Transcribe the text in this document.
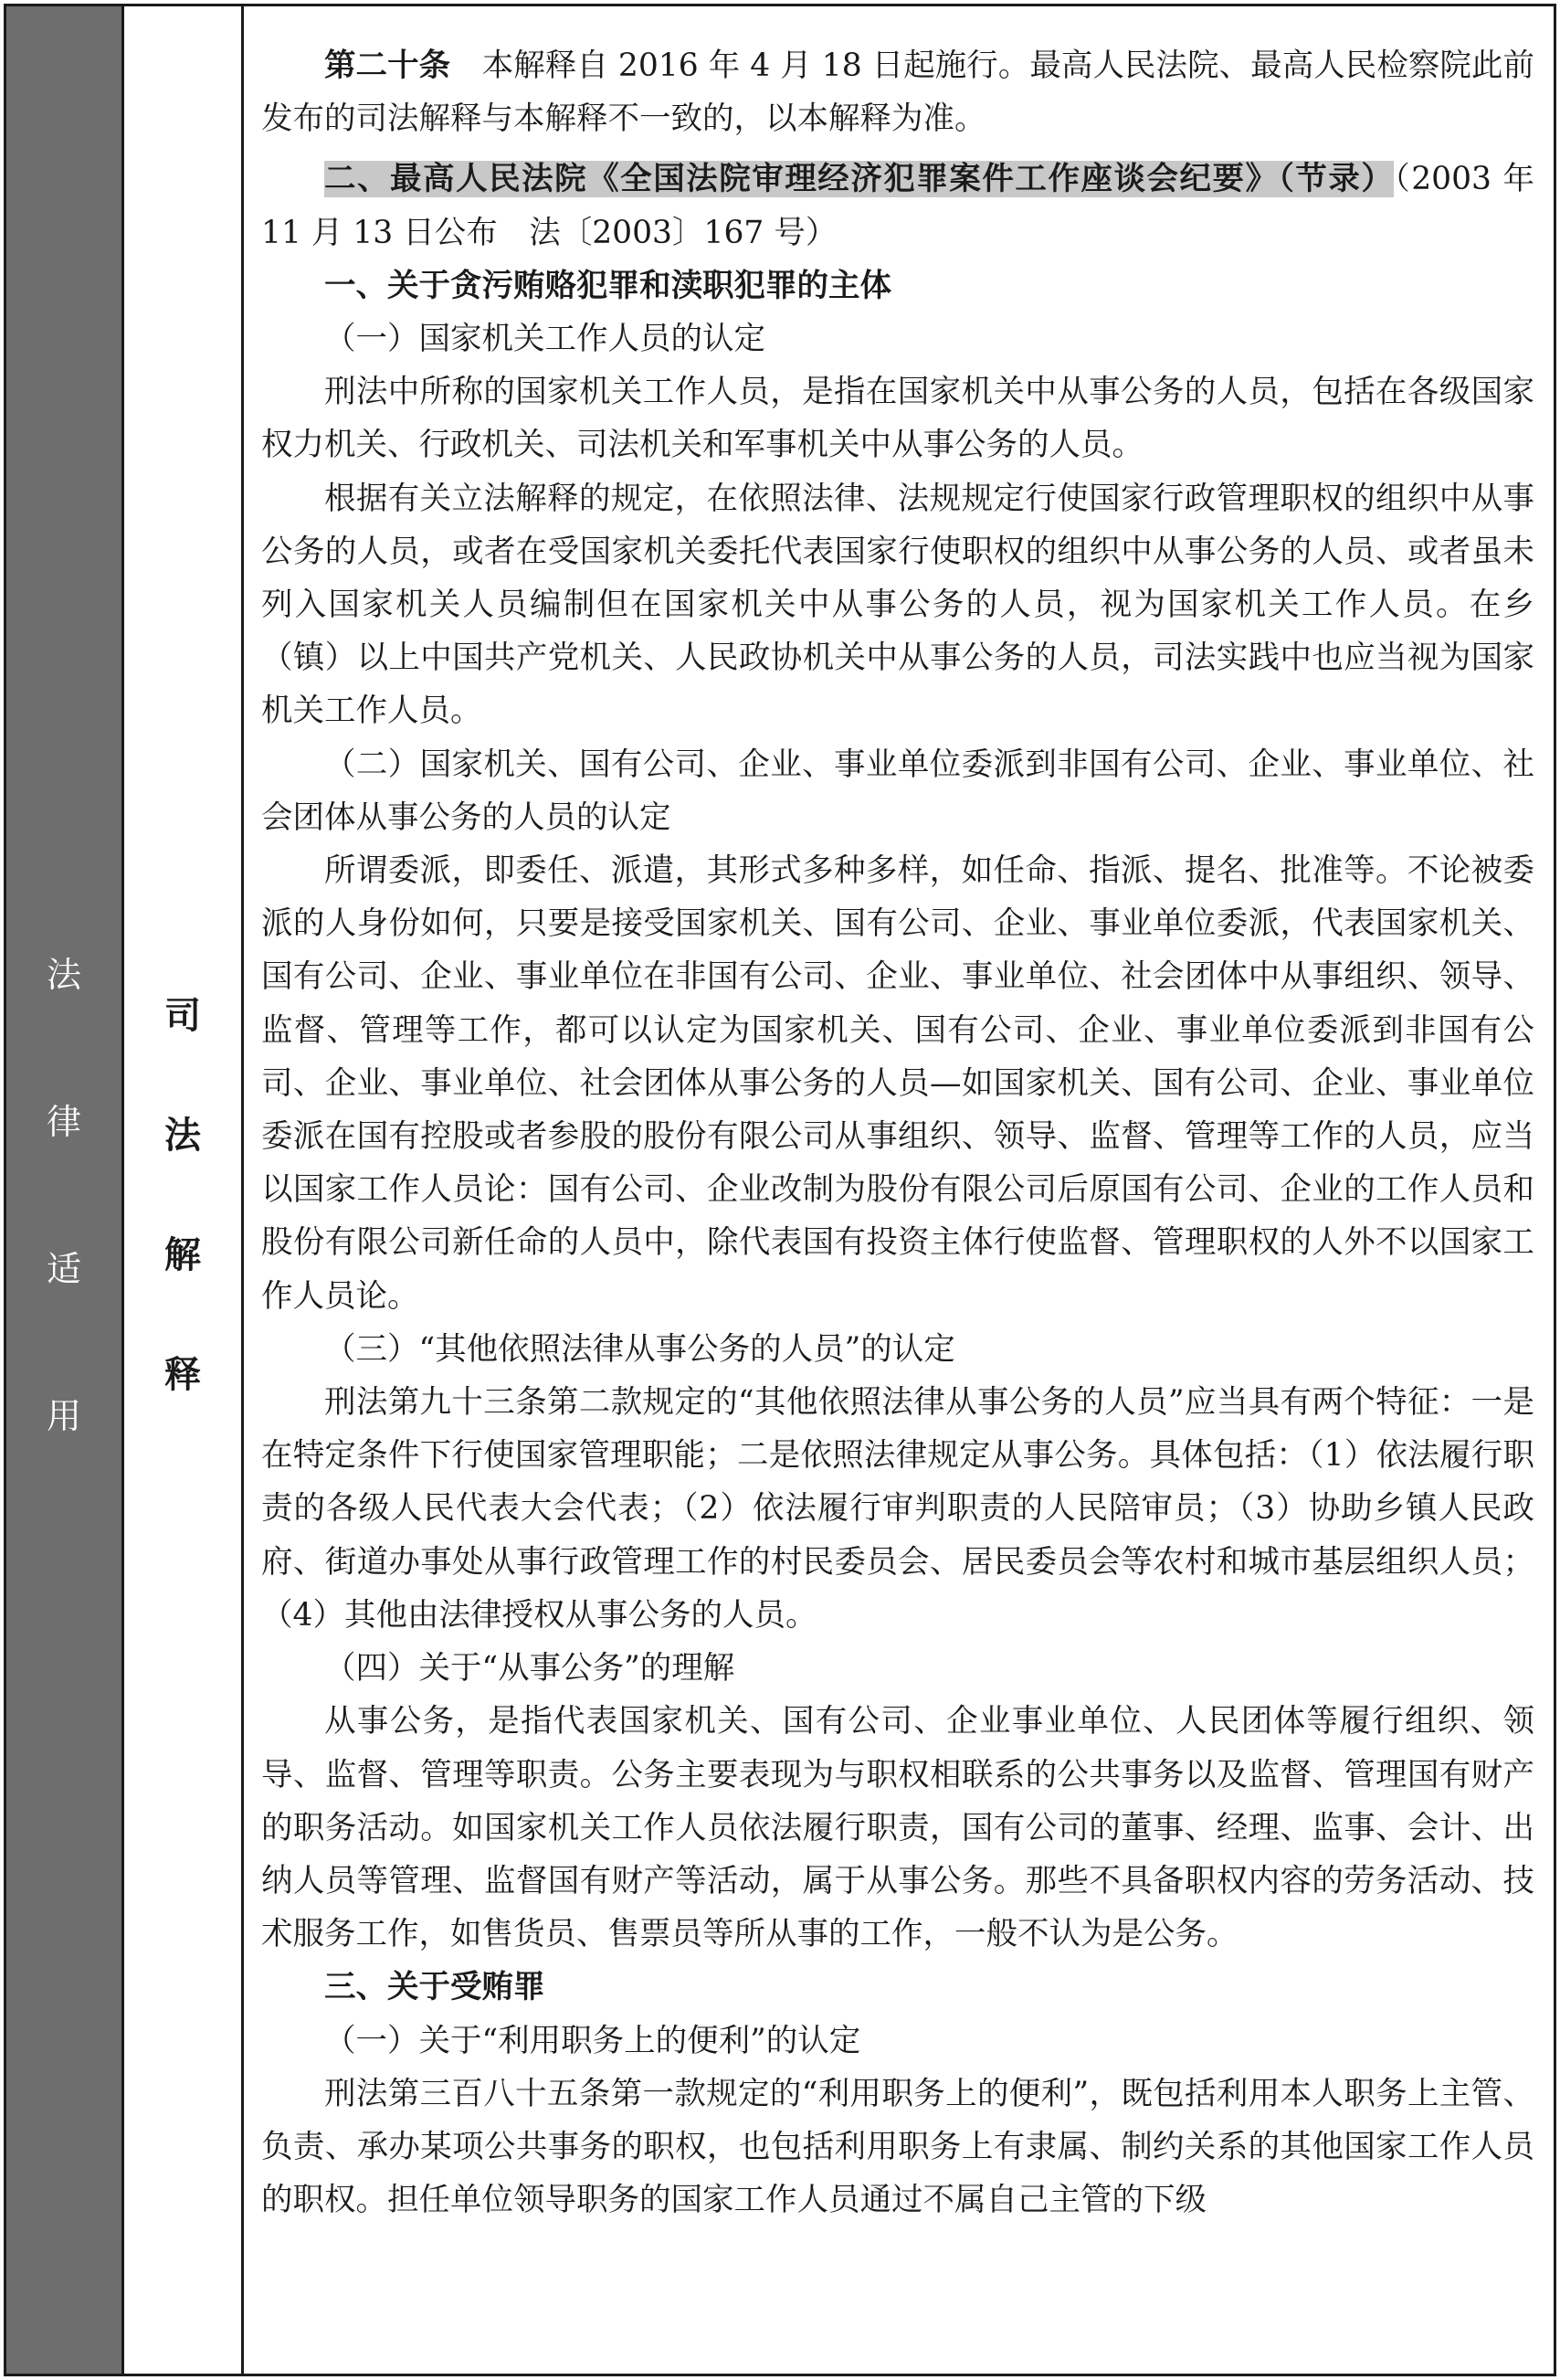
法
律
适
用
司
法
解
释

第二十条　本解释自 2016 年 4 月 18 日起施行。最高人民法院、最高人民检察院此前发布的司法解释与本解释不一致的，以本解释为准。

二、最高人民法院《全国法院审理经济犯罪案件工作座谈会纪要》（节录）（2003 年 11 月 13 日公布　法〔2003〕167 号）

一、关于贪污贿赂犯罪和渎职犯罪的主体

（一）国家机关工作人员的认定

刑法中所称的国家机关工作人员，是指在国家机关中从事公务的人员，包括在各级国家权力机关、行政机关、司法机关和军事机关中从事公务的人员。

根据有关立法解释的规定，在依照法律、法规规定行使国家行政管理职权的组织中从事公务的人员，或者在受国家机关委托代表国家行使职权的组织中从事公务的人员、或者虽未列入国家机关人员编制但在国家机关中从事公务的人员，视为国家机关工作人员。在乡（镇）以上中国共产党机关、人民政协机关中从事公务的人员，司法实践中也应当视为国家机关工作人员。

（二）国家机关、国有公司、企业、事业单位委派到非国有公司、企业、事业单位、社会团体从事公务的人员的认定

所谓委派，即委任、派遣，其形式多种多样，如任命、指派、提名、批准等。不论被委派的人身份如何，只要是接受国家机关、国有公司、企业、事业单位委派，代表国家机关、国有公司、企业、事业单位在非国有公司、企业、事业单位、社会团体中从事组织、领导、监督、管理等工作，都可以认定为国家机关、国有公司、企业、事业单位委派到非国有公司、企业、事业单位、社会团体从事公务的人员—如国家机关、国有公司、企业、事业单位委派在国有控股或者参股的股份有限公司从事组织、领导、监督、管理等工作的人员，应当以国家工作人员论：国有公司、企业改制为股份有限公司后原国有公司、企业的工作人员和股份有限公司新任命的人员中，除代表国有投资主体行使监督、管理职权的人外不以国家工作人员论。

（三）“其他依照法律从事公务的人员”的认定

刑法第九十三条第二款规定的“其他依照法律从事公务的人员”应当具有两个特征：一是在特定条件下行使国家管理职能；二是依照法律规定从事公务。具体包括：（1）依法履行职责的各级人民代表大会代表；（2）依法履行审判职责的人民陪审员；（3）协助乡镇人民政府、街道办事处从事行政管理工作的村民委员会、居民委员会等农村和城市基层组织人员；（4）其他由法律授权从事公务的人员。

（四）关于“从事公务”的理解

从事公务，是指代表国家机关、国有公司、企业事业单位、人民团体等履行组织、领导、监督、管理等职责。公务主要表现为与职权相联系的公共事务以及监督、管理国有财产的职务活动。如国家机关工作人员依法履行职责，国有公司的董事、经理、监事、会计、出纳人员等管理、监督国有财产等活动，属于从事公务。那些不具备职权内容的劳务活动、技术服务工作，如售货员、售票员等所从事的工作，一般不认为是公务。

三、关于受贿罪

（一）关于“利用职务上的便利”的认定

刑法第三百八十五条第一款规定的“利用职务上的便利”，既包括利用本人职务上主管、负责、承办某项公共事务的职权，也包括利用职务上有隶属、制约关系的其他国家工作人员的职权。担任单位领导职务的国家工作人员通过不属自己主管的下级
